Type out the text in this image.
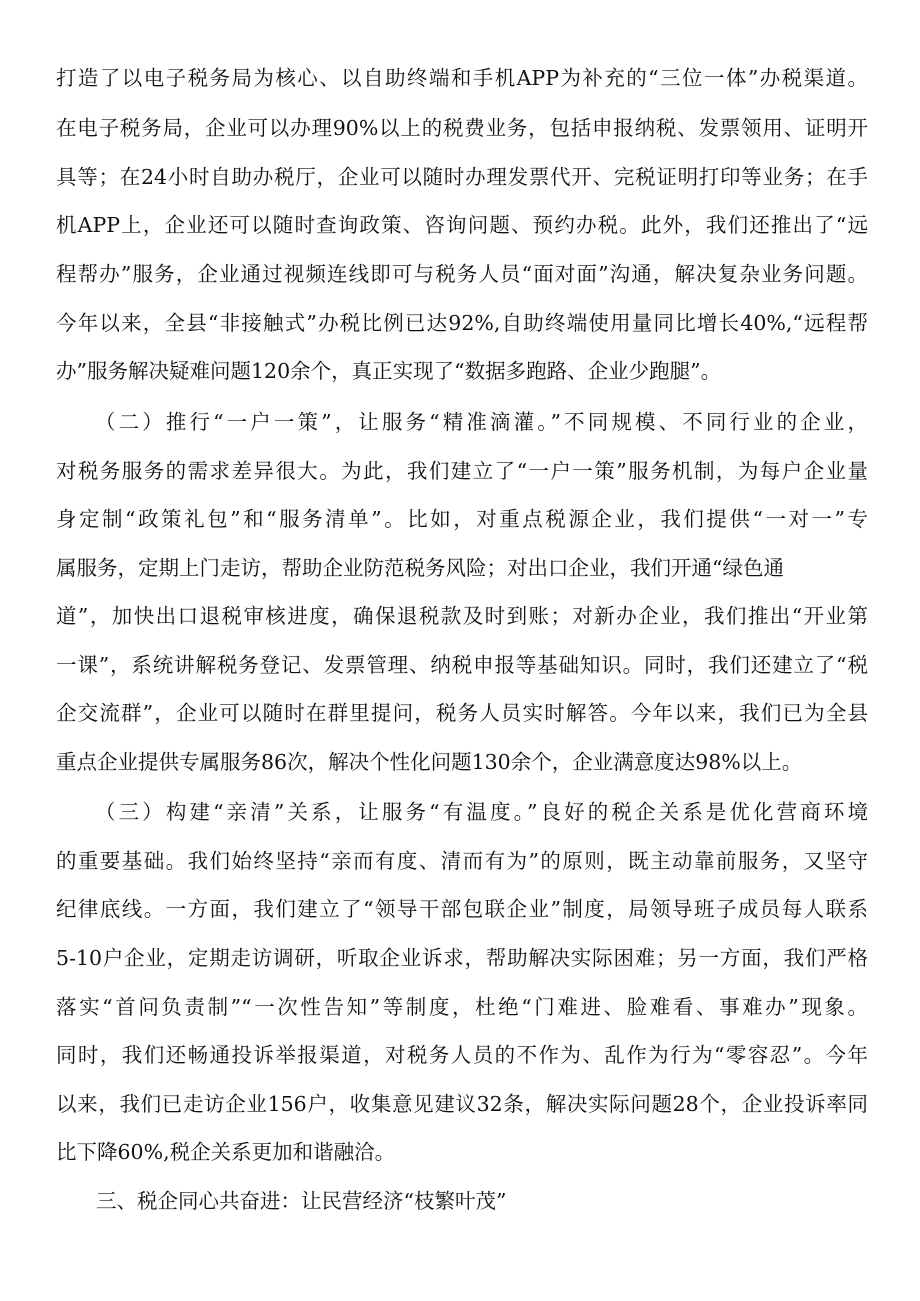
打造了以电子税务局为核心、以自助终端和手机APP为补充的“三位一体”办税渠道。
在电子税务局，企业可以办理90%以上的税费业务，包括申报纳税、发票领用、证明开
具等；在24小时自助办税厅，企业可以随时办理发票代开、完税证明打印等业务；在手
机APP上，企业还可以随时查询政策、咨询问题、预约办税。此外，我们还推出了“远
程帮办”服务，企业通过视频连线即可与税务人员“面对面”沟通，解决复杂业务问题。
今年以来，全县“非接触式”办税比例已达92%,自助终端使用量同比增长40%,“远程帮
办”服务解决疑难问题120余个，真正实现了“数据多跑路、企业少跑腿”。
（二）推行“一户一策”，让服务“精准滴灌。”不同规模、不同行业的企业，
对税务服务的需求差异很大。为此，我们建立了“一户一策”服务机制，为每户企业量
身定制“政策礼包”和“服务清单”。比如，对重点税源企业，我们提供“一对一”专
属服务，定期上门走访，帮助企业防范税务风险；对出口企业，我们开通“绿色通
道”，加快出口退税审核进度，确保退税款及时到账；对新办企业，我们推出“开业第
一课”，系统讲解税务登记、发票管理、纳税申报等基础知识。同时，我们还建立了“税
企交流群”，企业可以随时在群里提问，税务人员实时解答。今年以来，我们已为全县
重点企业提供专属服务86次，解决个性化问题130余个，企业满意度达98%以上。
（三）构建“亲清”关系，让服务“有温度。”良好的税企关系是优化营商环境
的重要基础。我们始终坚持“亲而有度、清而有为”的原则，既主动靠前服务，又坚守
纪律底线。一方面，我们建立了“领导干部包联企业”制度，局领导班子成员每人联系
5-10户企业，定期走访调研，听取企业诉求，帮助解决实际困难；另一方面，我们严格
落实“首问负责制”“一次性告知”等制度，杜绝“门难进、脸难看、事难办”现象。
同时，我们还畅通投诉举报渠道，对税务人员的不作为、乱作为行为“零容忍”。今年
以来，我们已走访企业156户，收集意见建议32条，解决实际问题28个，企业投诉率同
比下降60%,税企关系更加和谐融洽。
三、税企同心共奋进：让民营经济“枝繁叶茂”
